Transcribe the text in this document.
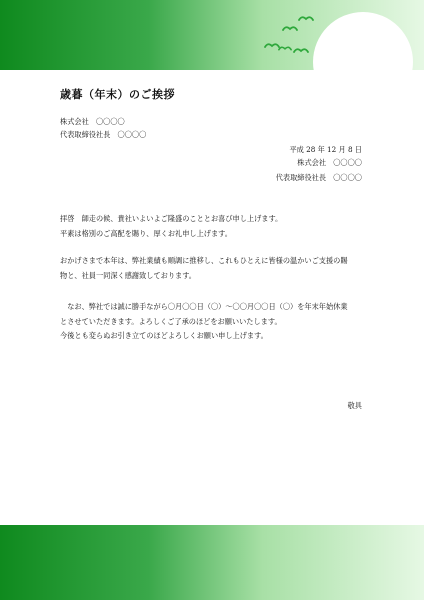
歳暮（年末）のご挨拶
株式会社　〇〇〇〇
代表取締役社長　〇〇〇〇
平成 28 年 12 月 8 日
株式会社　〇〇〇〇
代表取締役社長　〇〇〇〇
拝啓　師走の候、貴社いよいよご隆盛のこととお喜び申し上げます。
平素は格別のご高配を賜り、厚くお礼申し上げます。
おかげさまで本年は、弊社業績も順調に推移し、これもひとえに皆様の温かいご支援の賜
物と、社員一同深く感謝致しております。
　なお、弊社では誠に勝手ながら〇月〇〇日（〇）～〇〇月〇〇日（〇）を年末年始休業
とさせていただきます。よろしくご了承のほどをお願いいたします。
今後とも変らぬお引き立てのほどよろしくお願い申し上げます。
敬具
